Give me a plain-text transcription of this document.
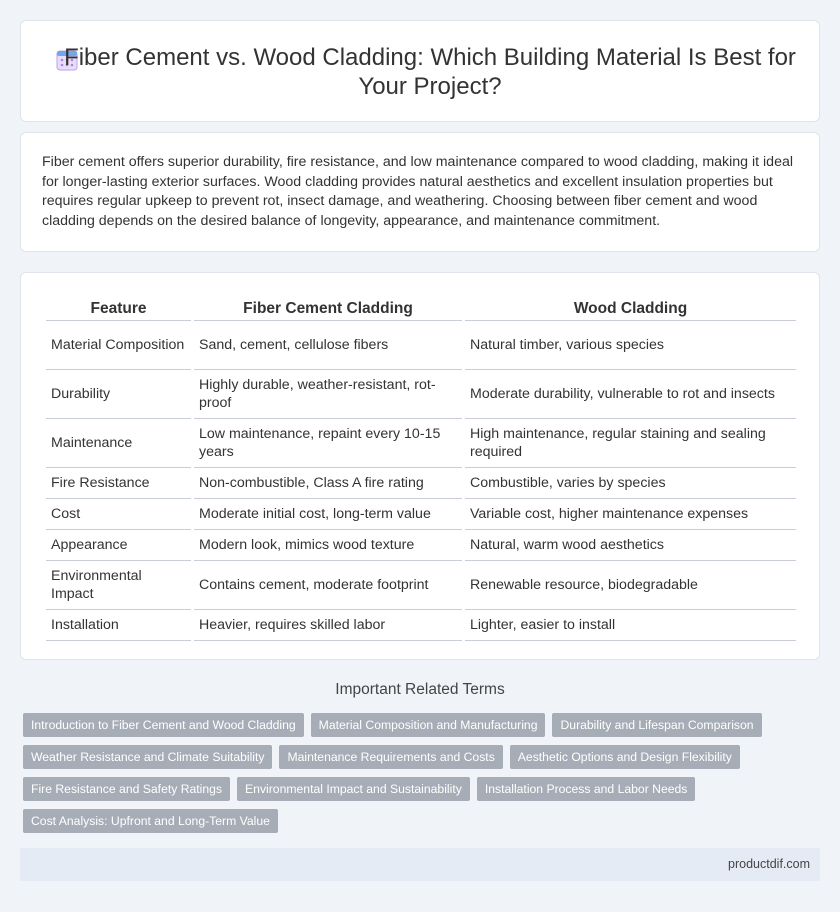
Fiber Cement vs. Wood Cladding: Which Building Material Is Best for Your Project?

Fiber cement offers superior durability, fire resistance, and low maintenance compared to wood cladding, making it ideal for longer-lasting exterior surfaces. Wood cladding provides natural aesthetics and excellent insulation properties but requires regular upkeep to prevent rot, insect damage, and weathering. Choosing between fiber cement and wood cladding depends on the desired balance of longevity, appearance, and maintenance commitment.

Feature	Fiber Cement Cladding	Wood Cladding
Material Composition	Sand, cement, cellulose fibers	Natural timber, various species
Durability	Highly durable, weather-resistant, rot-proof	Moderate durability, vulnerable to rot and insects
Maintenance	Low maintenance, repaint every 10-15 years	High maintenance, regular staining and sealing required
Fire Resistance	Non-combustible, Class A fire rating	Combustible, varies by species
Cost	Moderate initial cost, long-term value	Variable cost, higher maintenance expenses
Appearance	Modern look, mimics wood texture	Natural, warm wood aesthetics
Environmental Impact	Contains cement, moderate footprint	Renewable resource, biodegradable
Installation	Heavier, requires skilled labor	Lighter, easier to install
Important Related Terms
Introduction to Fiber Cement and Wood Cladding	Material Composition and Manufacturing	Durability and Lifespan Comparison
Weather Resistance and Climate Suitability	Maintenance Requirements and Costs	Aesthetic Options and Design Flexibility
Fire Resistance and Safety Ratings	Environmental Impact and Sustainability	Installation Process and Labor Needs
Cost Analysis: Upfront and Long-Term Value
productdif.com
